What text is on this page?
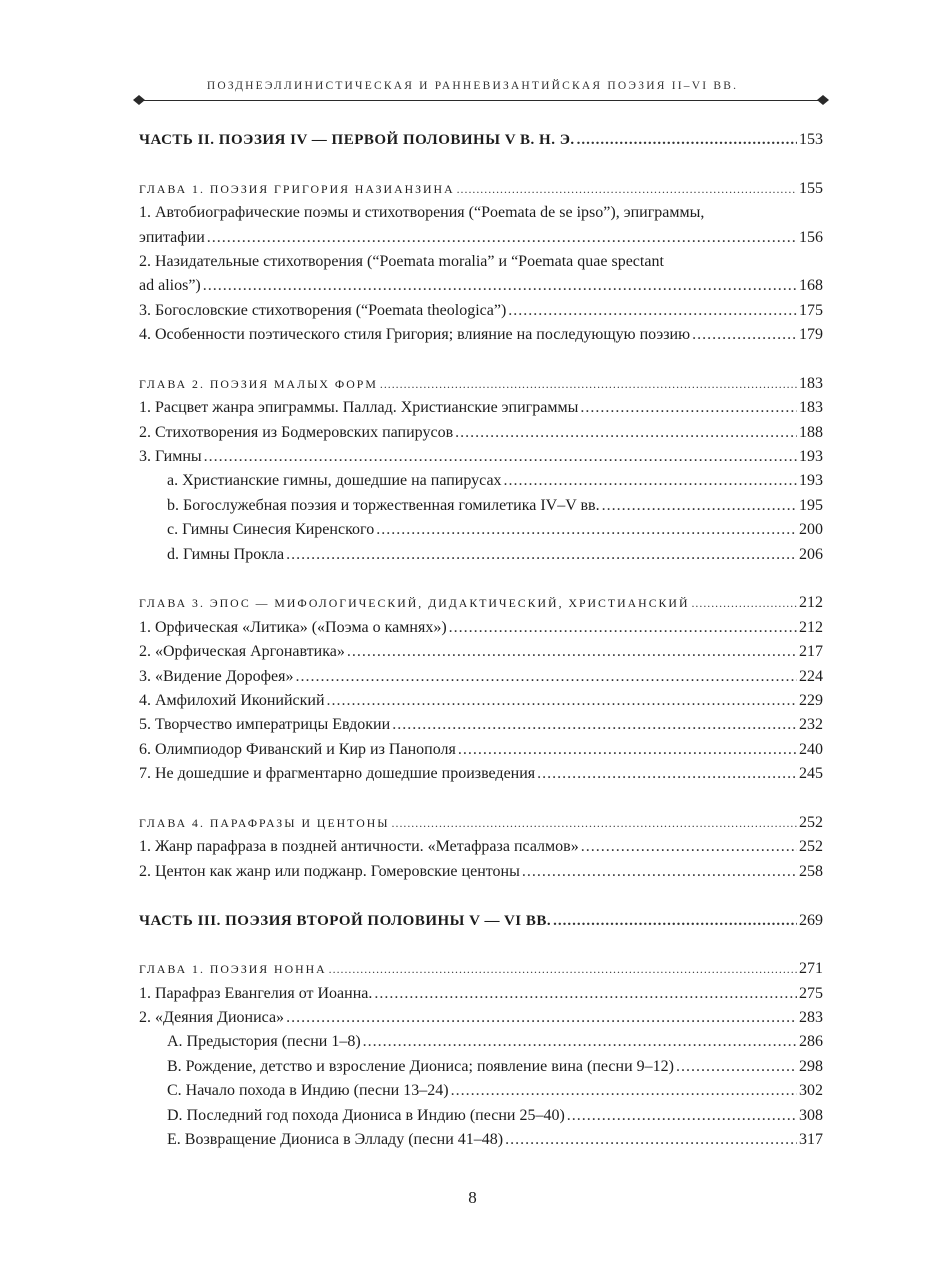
ПОЗДНЕЭЛЛИНИСТИЧЕСКАЯ И РАННЕВИЗАНТИЙСКАЯ ПОЭЗИЯ II–VI ВВ.
ЧАСТЬ II. ПОЭЗИЯ IV — ПЕРВОЙ ПОЛОВИНЫ V В. Н. Э. .....	153
ГЛАВА 1. ПОЭЗИЯ ГРИГОРИЯ НАЗИАНЗИНА .....	155
1. Автобиографические поэмы и стихотворения (“Poemata de se ipso”), эпиграммы,
эпитафии .....	156
2. Назидательные стихотворения (“Poemata moralia” и “Poemata quae spectant
ad alios”) .....	168
3. Богословские стихотворения (“Poemata theologica”) .....	175
4. Особенности поэтического стиля Григория; влияние на последующую поэзию .....	179
ГЛАВА 2. ПОЭЗИЯ МАЛЫХ ФОРМ .....	183
1. Расцвет жанра эпиграммы. Паллад. Христианские эпиграммы .....	183
2. Стихотворения из Бодмеровских папирусов .....	188
3. Гимны .....	193
a. Христианские гимны, дошедшие на папирусах .....	193
b. Богослужебная поэзия и торжественная гомилетика IV–V вв. .....	195
c. Гимны Синесия Киренского .....	200
d. Гимны Прокла .....	206
ГЛАВА 3. ЭПОС — МИФОЛОГИЧЕСКИЙ, ДИДАКТИЧЕСКИЙ, ХРИСТИАНСКИЙ .....	212
1. Орфическая «Литика» («Поэма о камнях») .....	212
2. «Орфическая Аргонавтика» .....	217
3. «Видение Дорофея» .....	224
4. Амфилохий Иконийский .....	229
5. Творчество императрицы Евдокии .....	232
6. Олимпиодор Фиванский и Кир из Панополя .....	240
7. Не дошедшие и фрагментарно дошедшие произведения .....	245
ГЛАВА 4. ПАРАФРАЗЫ И ЦЕНТОНЫ .....	252
1. Жанр парафраза в поздней античности. «Метафраза псалмов» .....	252
2. Центон как жанр или поджанр. Гомеровские центоны .....	258
ЧАСТЬ III. ПОЭЗИЯ ВТОРОЙ ПОЛОВИНЫ V — VI ВВ. .....	269
ГЛАВА 1. ПОЭЗИЯ НОННА .....	271
1. Парафраз Евангелия от Иоанна. .....	275
2. «Деяния Диониса» .....	283
A. Предыстория (песни 1–8) .....	286
B. Рождение, детство и взросление Диониса; появление вина (песни 9–12) .....	298
C. Начало похода в Индию (песни 13–24) .....	302
D. Последний год похода Диониса в Индию (песни 25–40) .....	308
E. Возвращение Диониса в Элладу (песни 41–48) .....	317
8
